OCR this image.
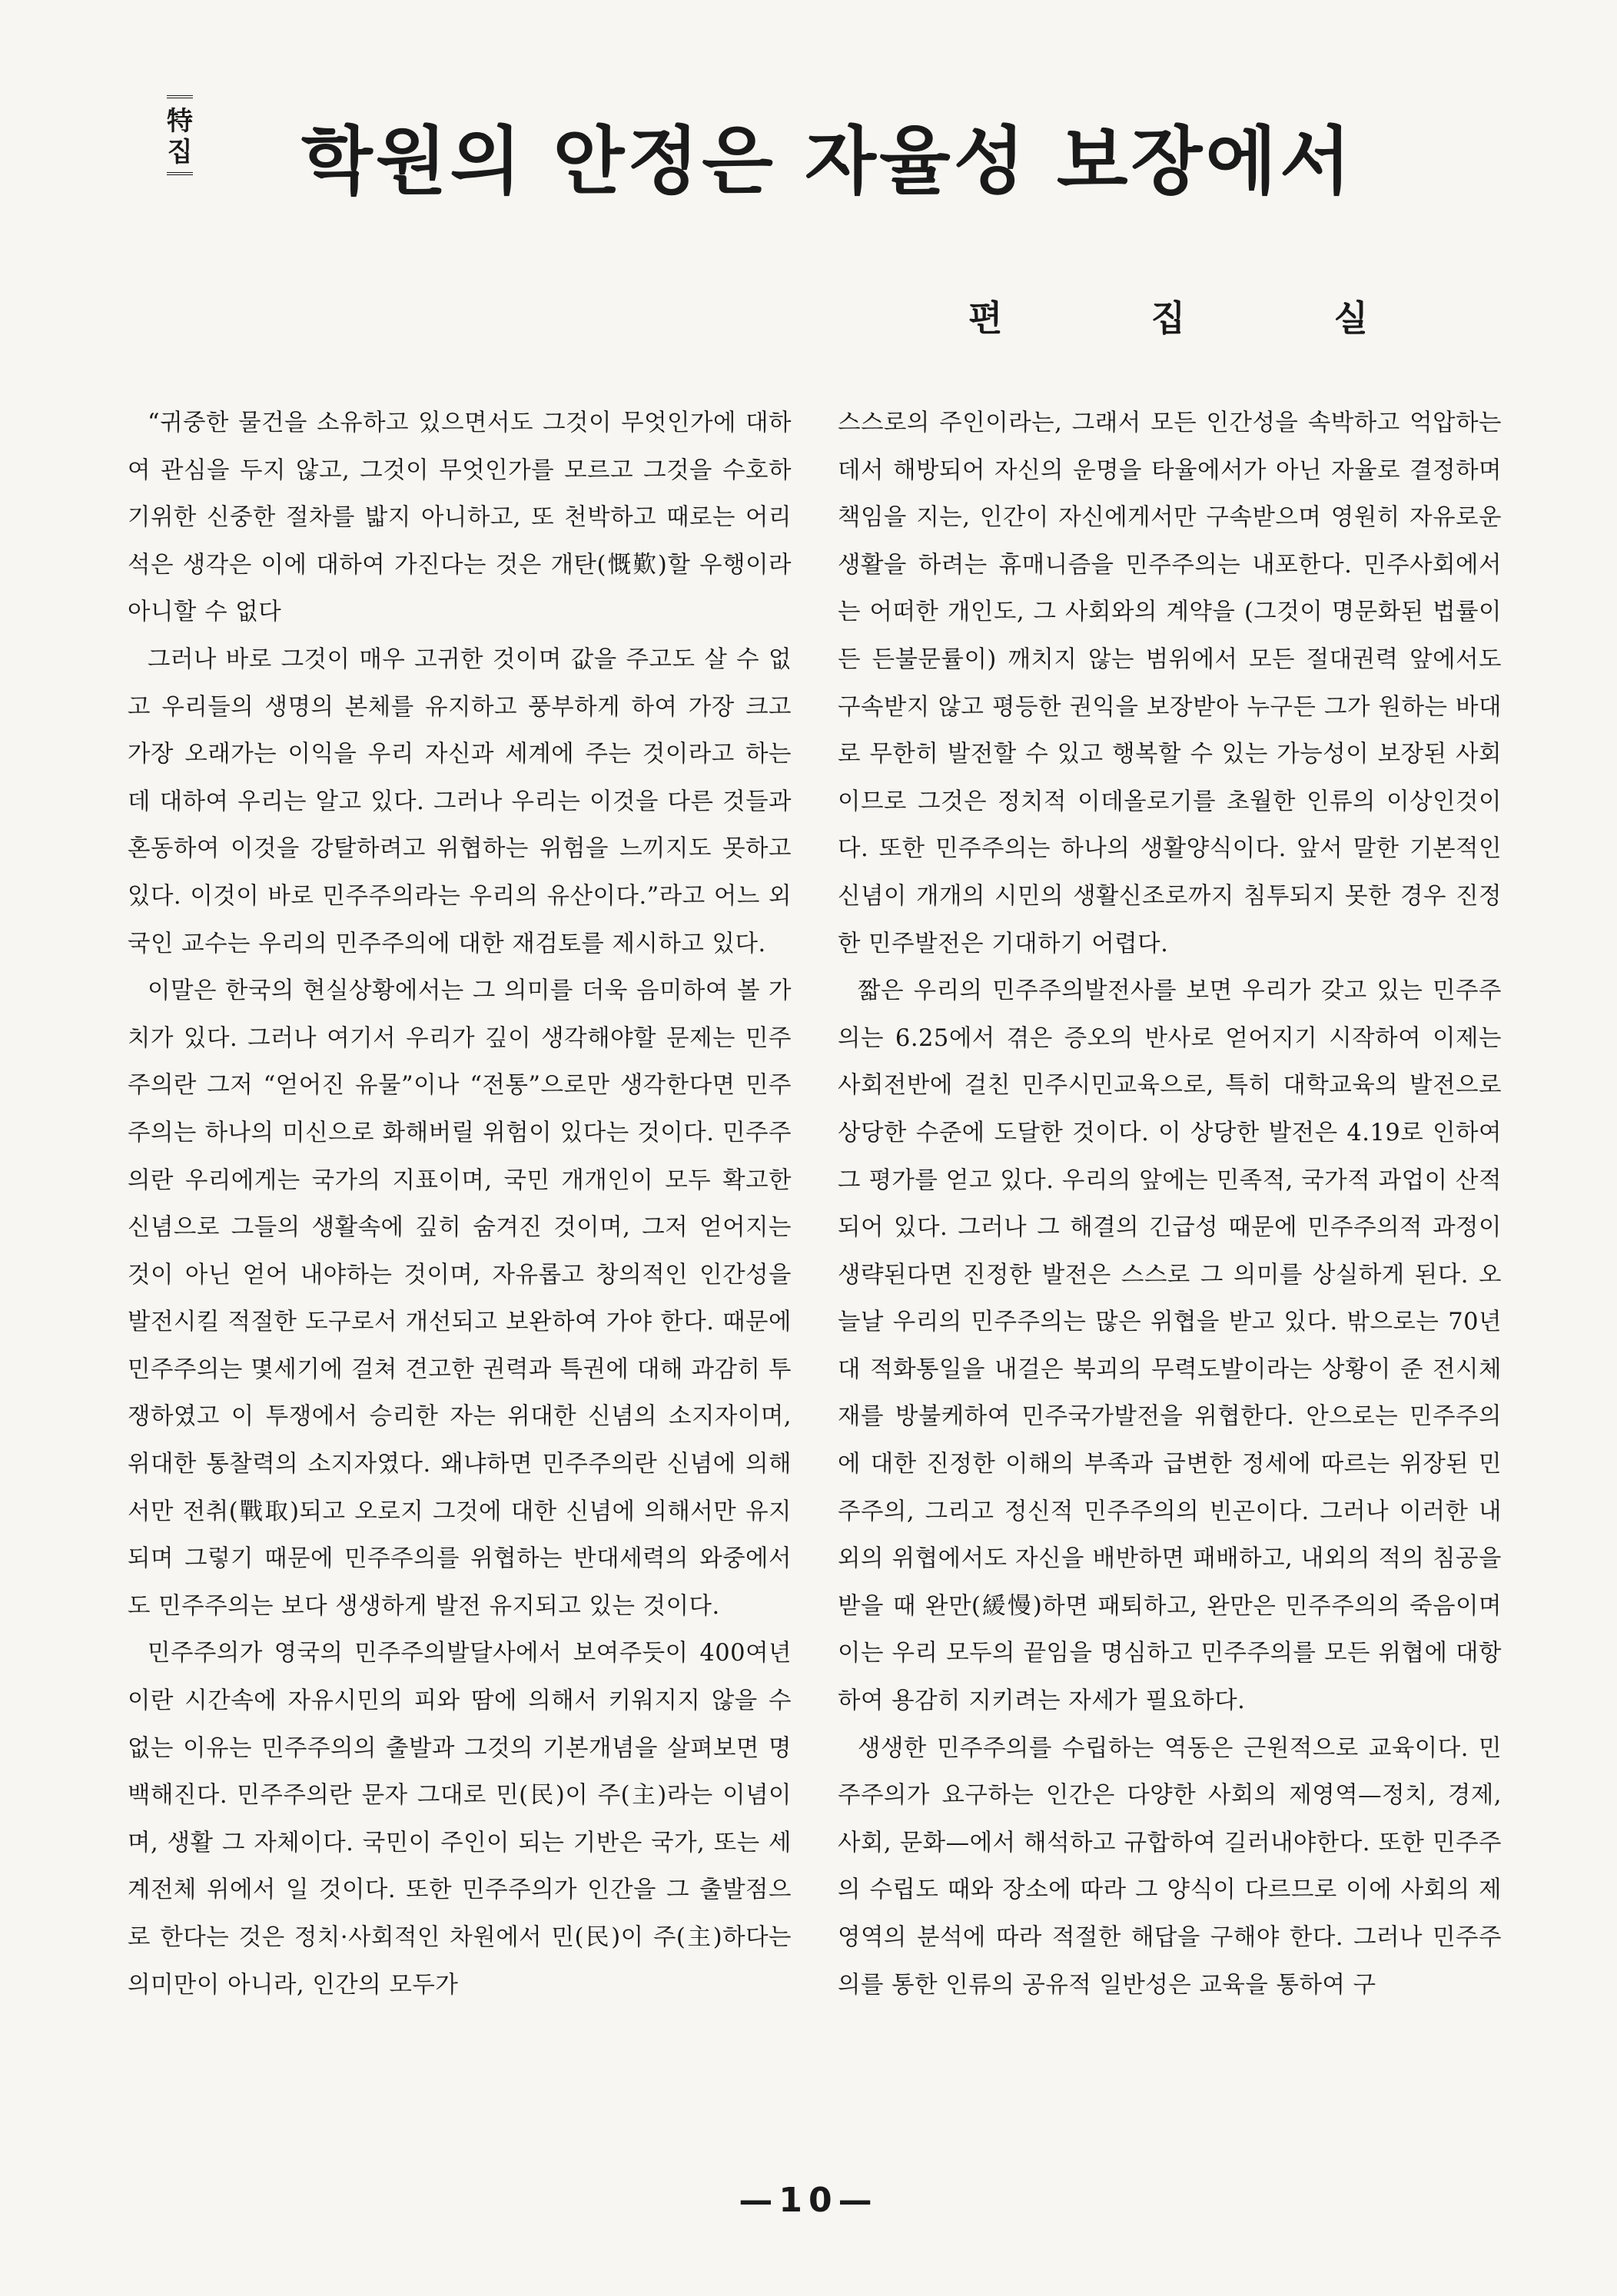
特
집 학원의 안정은 자율성 보장에서
편	집	실

“귀중한 물건을 소유하고 있으면서도 그것이 무엇인가에 대하여 관심을 두지 않고, 그것이 무엇인가를 모르고 그것을 수호하기위한 신중한 절차를 밟지 아니하고, 또 천박하고 때로는 어리석은 생각은 이에 대하여 가진다는 것은 개탄(慨歎)할 우행이라 아니할 수 없다

그러나 바로 그것이 매우 고귀한 것이며 값을 주고도 살 수 없고 우리들의 생명의 본체를 유지하고 풍부하게 하여 가장 크고 가장 오래가는 이익을 우리 자신과 세계에 주는 것이라고 하는 데 대하여 우리는 알고 있다. 그러나 우리는 이것을 다른 것들과 혼동하여 이것을 강탈하려고 위협하는 위험을 느끼지도 못하고 있다. 이것이 바로 민주주의라는 우리의 유산이다.”라고 어느 외국인 교수는 우리의 민주주의에 대한 재검토를 제시하고 있다.

이말은 한국의 현실상황에서는 그 의미를 더욱 음미하여 볼 가치가 있다. 그러나 여기서 우리가 깊이 생각해야할 문제는 민주주의란 그저 “얻어진 유물”이나 “전통”으로만 생각한다면 민주주의는 하나의 미신으로 화해버릴 위험이 있다는 것이다. 민주주의란 우리에게는 국가의 지표이며, 국민 개개인이 모두 확고한 신념으로 그들의 생활속에 깊히 숨겨진 것이며, 그저 얻어지는 것이 아닌 얻어 내야하는 것이며, 자유롭고 창의적인 인간성을 발전시킬 적절한 도구로서 개선되고 보완하여 가야 한다. 때문에 민주주의는 몇세기에 걸쳐 견고한 권력과 특권에 대해 과감히 투쟁하였고 이 투쟁에서 승리한 자는 위대한 신념의 소지자이며, 위대한 통찰력의 소지자였다. 왜냐하면 민주주의란 신념에 의해서만 전취(戰取)되고 오로지 그것에 대한 신념에 의해서만 유지되며 그렇기 때문에 민주주의를 위협하는 반대세력의 와중에서도 민주주의는 보다 생생하게 발전 유지되고 있는 것이다.

민주주의가 영국의 민주주의발달사에서 보여주듯이 400여년이란 시간속에 자유시민의 피와 땀에 의해서 키워지지 않을 수 없는 이유는 민주주의의 출발과 그것의 기본개념을 살펴보면 명백해진다. 민주주의란 문자 그대로 민(民)이 주(主)라는 이념이며, 생활 그 자체이다. 국민이 주인이 되는 기반은 국가, 또는 세계전체 위에서 일 것이다. 또한 민주주의가 인간을 그 출발점으로 한다는 것은 정치·사회적인 차원에서 민(民)이 주(主)하다는 의미만이 아니라, 인간의 모두가

스스로의 주인이라는, 그래서 모든 인간성을 속박하고 억압하는 데서 해방되어 자신의 운명을 타율에서가 아닌 자율로 결정하며 책임을 지는, 인간이 자신에게서만 구속받으며 영원히 자유로운 생활을 하려는 휴매니즘을 민주주의는 내포한다. 민주사회에서는 어떠한 개인도, 그 사회와의 계약을 (그것이 명문화된 법률이든 든불문률이) 깨치지 않는 범위에서 모든 절대권력 앞에서도 구속받지 않고 평등한 권익을 보장받아 누구든 그가 원하는 바대로 무한히 발전할 수 있고 행복할 수 있는 가능성이 보장된 사회이므로 그것은 정치적 이데올로기를 초월한 인류의 이상인것이다. 또한 민주주의는 하나의 생활양식이다. 앞서 말한 기본적인 신념이 개개의 시민의 생활신조로까지 침투되지 못한 경우 진정한 민주발전은 기대하기 어렵다.

짧은 우리의 민주주의발전사를 보면 우리가 갖고 있는 민주주의는 6.25에서 겪은 증오의 반사로 얻어지기 시작하여 이제는 사회전반에 걸친 민주시민교육으로, 특히 대학교육의 발전으로 상당한 수준에 도달한 것이다. 이 상당한 발전은 4.19로 인하여 그 평가를 얻고 있다. 우리의 앞에는 민족적, 국가적 과업이 산적되어 있다. 그러나 그 해결의 긴급성 때문에 민주주의적 과정이 생략된다면 진정한 발전은 스스로 그 의미를 상실하게 된다. 오늘날 우리의 민주주의는 많은 위협을 받고 있다. 밖으로는 70년대 적화통일을 내걸은 북괴의 무력도발이라는 상황이 준 전시체재를 방불케하여 민주국가발전을 위협한다. 안으로는 민주주의에 대한 진정한 이해의 부족과 급변한 정세에 따르는 위장된 민주주의, 그리고 정신적 민주주의의 빈곤이다. 그러나 이러한 내외의 위협에서도 자신을 배반하면 패배하고, 내외의 적의 침공을 받을 때 완만(緩慢)하면 패퇴하고, 완만은 민주주의의 죽음이며 이는 우리 모두의 끝임을 명심하고 민주주의를 모든 위협에 대항하여 용감히 지키려는 자세가 필요하다.

생생한 민주주의를 수립하는 역동은 근원적으로 교육이다. 민주주의가 요구하는 인간은 다양한 사회의 제영역—정치, 경제, 사회, 문화—에서 해석하고 규합하여 길러내야한다. 또한 민주주의 수립도 때와 장소에 따라 그 양식이 다르므로 이에 사회의 제영역의 분석에 따라 적절한 해답을 구해야 한다. 그러나 민주주의를 통한 인류의 공유적 일반성은 교육을 통하여 구

—10—
